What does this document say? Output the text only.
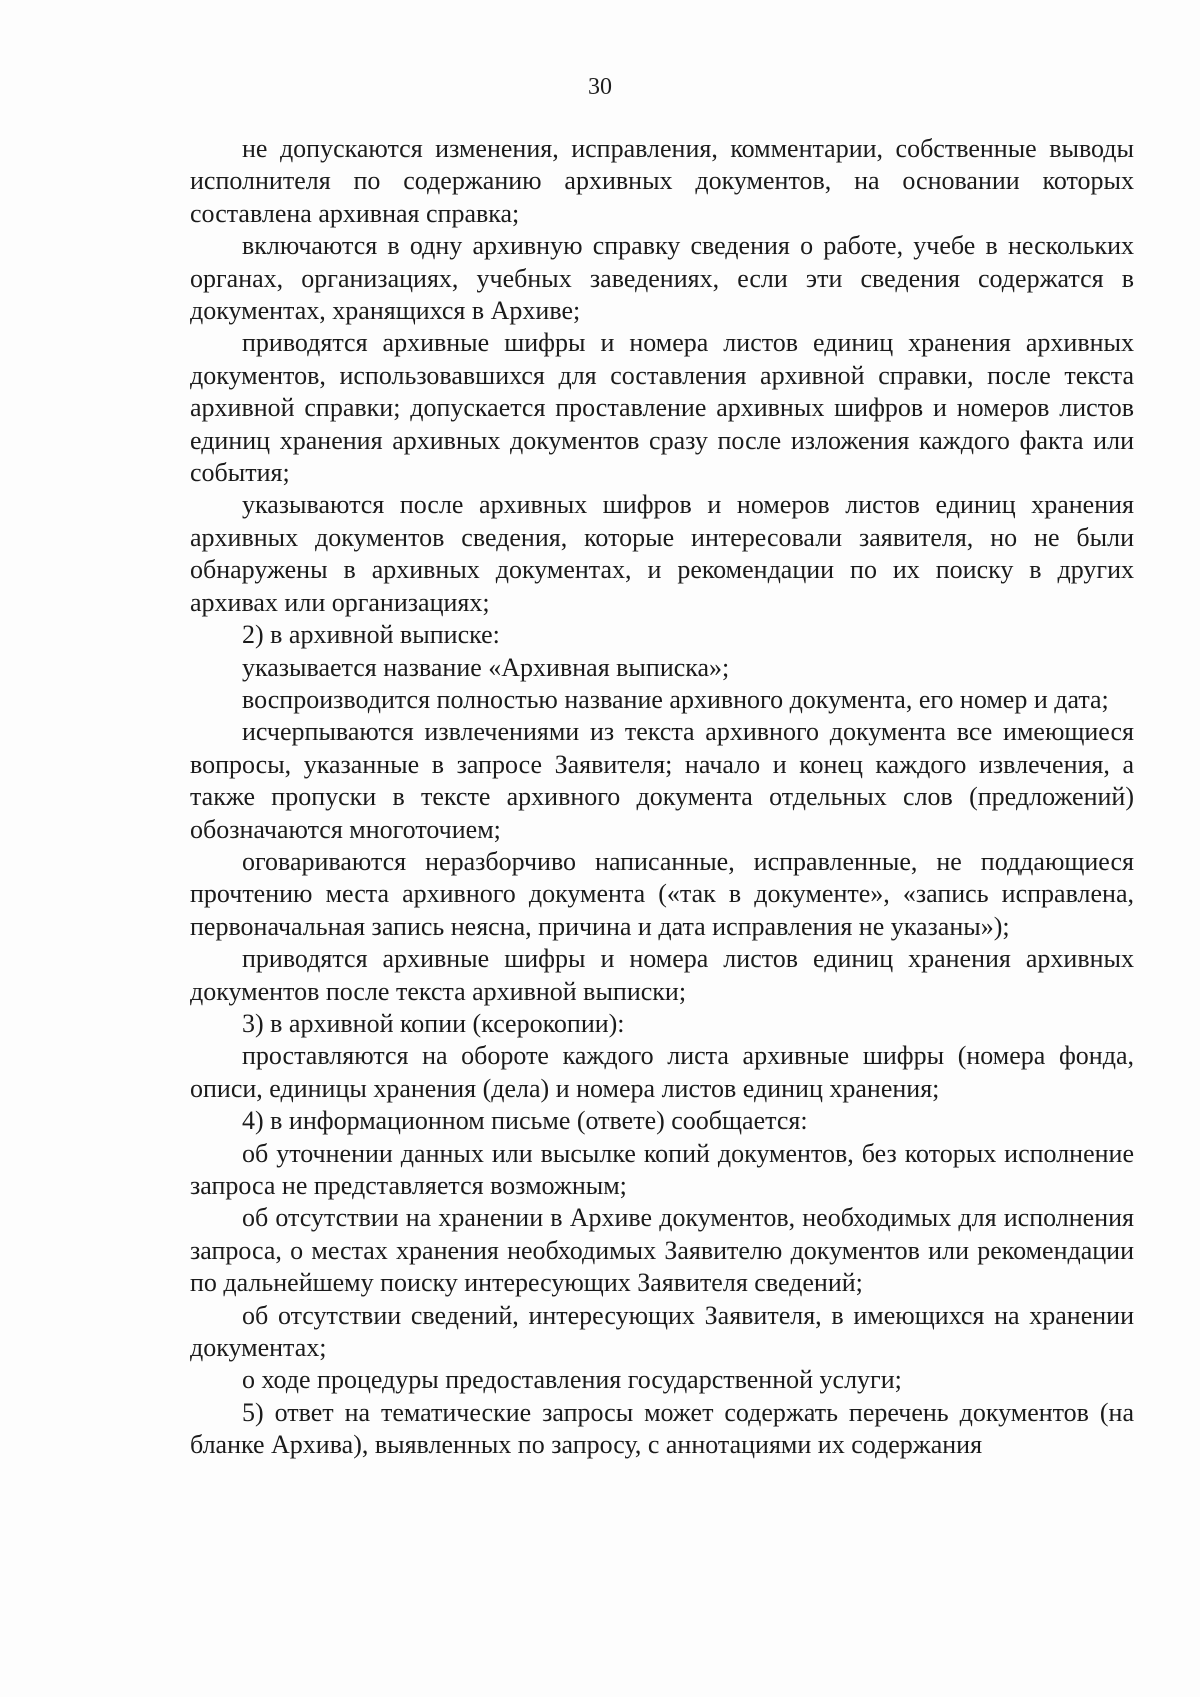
30

не допускаются изменения, исправления, комментарии, собственные выводы исполнителя по содержанию архивных документов, на основании которых составлена архивная справка;

включаются в одну архивную справку сведения о работе, учебе в нескольких органах, организациях, учебных заведениях, если эти сведения содержатся в документах, хранящихся в Архиве;

приводятся архивные шифры и номера листов единиц хранения архивных документов, использовавшихся для составления архивной справки, после текста архивной справки; допускается проставление архивных шифров и номеров листов единиц хранения архивных документов сразу после изложения каждого факта или события;

указываются после архивных шифров и номеров листов единиц хранения архивных документов сведения, которые интересовали заявителя, но не были обнаружены в архивных документах, и рекомендации по их поиску в других архивах или организациях;

2) в архивной выписке:

указывается название «Архивная выписка»;

воспроизводится полностью название архивного документа, его номер и дата;

исчерпываются извлечениями из текста архивного документа все имеющиеся вопросы, указанные в запросе Заявителя; начало и конец каждого извлечения, а также пропуски в тексте архивного документа отдельных слов (предложений) обозначаются многоточием;

оговариваются неразборчиво написанные, исправленные, не поддающиеся прочтению места архивного документа («так в документе», «запись исправлена, первоначальная запись неясна, причина и дата исправления не указаны»);

приводятся архивные шифры и номера листов единиц хранения архивных документов после текста архивной выписки;

3) в архивной копии (ксерокопии):

проставляются на обороте каждого листа архивные шифры (номера фонда, описи, единицы хранения (дела) и номера листов единиц хранения;

4) в информационном письме (ответе) сообщается:

об уточнении данных или высылке копий документов, без которых исполнение запроса не представляется возможным;

об отсутствии на хранении в Архиве документов, необходимых для исполнения запроса, о местах хранения необходимых Заявителю документов или рекомендации по дальнейшему поиску интересующих Заявителя сведений;

об отсутствии сведений, интересующих Заявителя, в имеющихся на хранении документах;

о ходе процедуры предоставления государственной услуги;

5) ответ на тематические запросы может содержать перечень документов (на бланке Архива), выявленных по запросу, с аннотациями их содержания
